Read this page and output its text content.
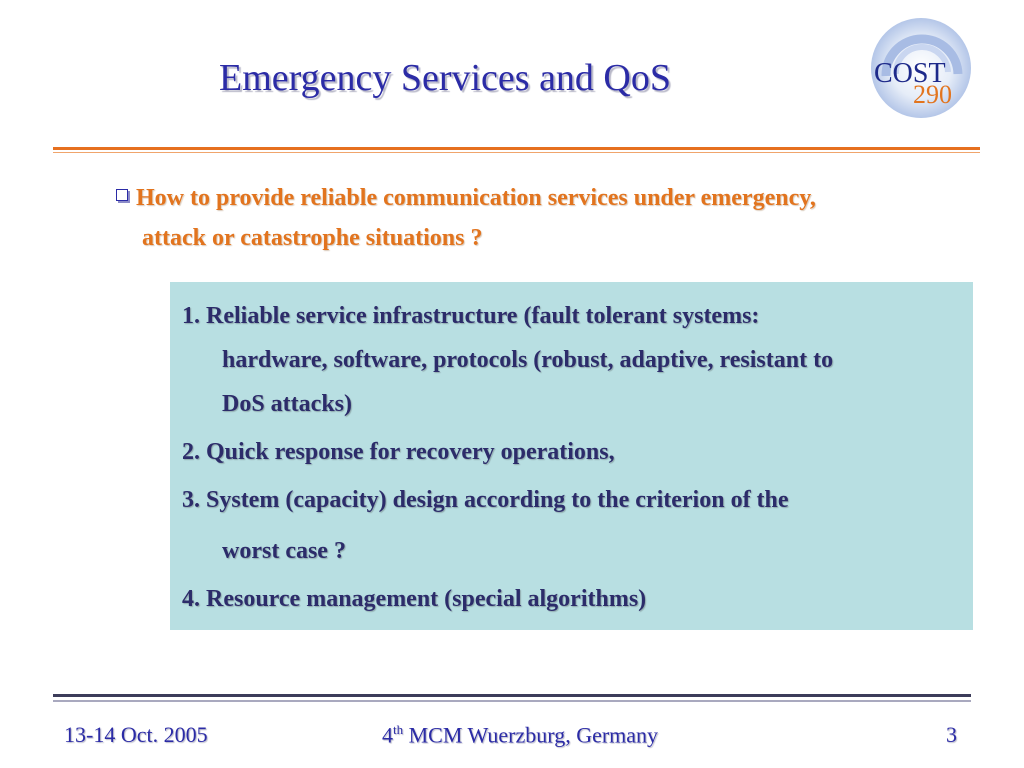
Emergency Services and QoS	COST
290
How to provide reliable communication services under emergency,
attack or catastrophe situations ?
1. Reliable service infrastructure (fault tolerant systems:
hardware, software, protocols (robust, adaptive, resistant to
DoS attacks)
2. Quick response for recovery operations,
3. System (capacity) design according to the criterion of the
worst case ?
4. Resource management (special algorithms)
13-14 Oct. 2005	4th MCM Wuerzburg, Germany	3
